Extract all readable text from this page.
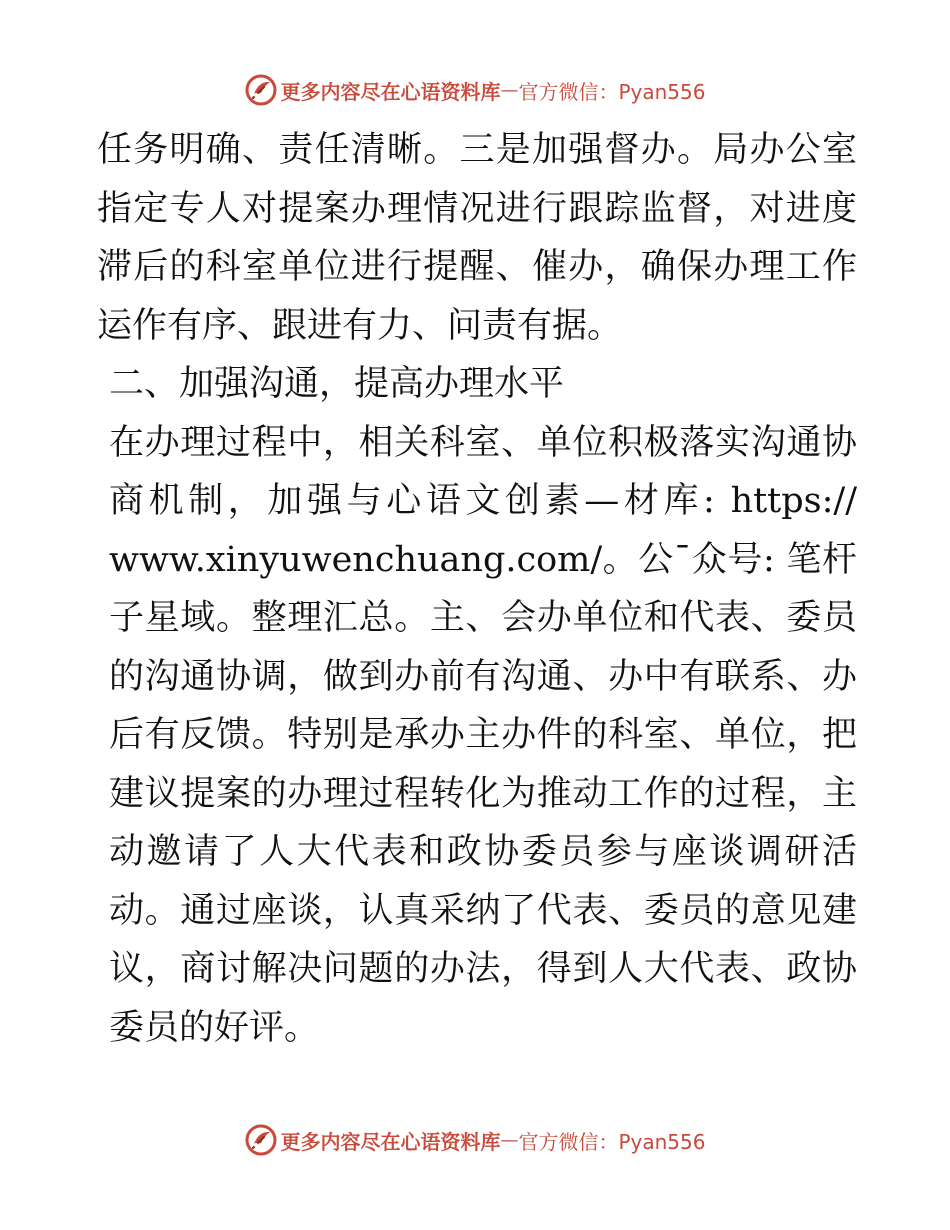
更多内容尽在心语资料库 — 官方微信：Pyan556

任务明确、责任清晰。三是加强督办。局办公室指定专人对提案办理情况进行跟踪监督，对进度滞后的科室单位进行提醒、催办，确保办理工作运作有序、跟进有力、问责有据。

二、加强沟通，提高办理水平

在办理过程中，相关科室、单位积极落实沟通协商机制，加强与心语文创素—材库: https:// www.xinyuwenchuang.com/。公¯众号: 笔杆子星域。整理汇总。主、会办单位和代表、委员的沟通协调，做到办前有沟通、办中有联系、办后有反馈。特别是承办主办件的科室、单位，把建议提案的办理过程转化为推动工作的过程，主动邀请了人大代表和政协委员参与座谈调研活动。通过座谈，认真采纳了代表、委员的意见建议，商讨解决问题的办法，得到人大代表、政协委员的好评。

更多内容尽在心语资料库 — 官方微信：Pyan556
